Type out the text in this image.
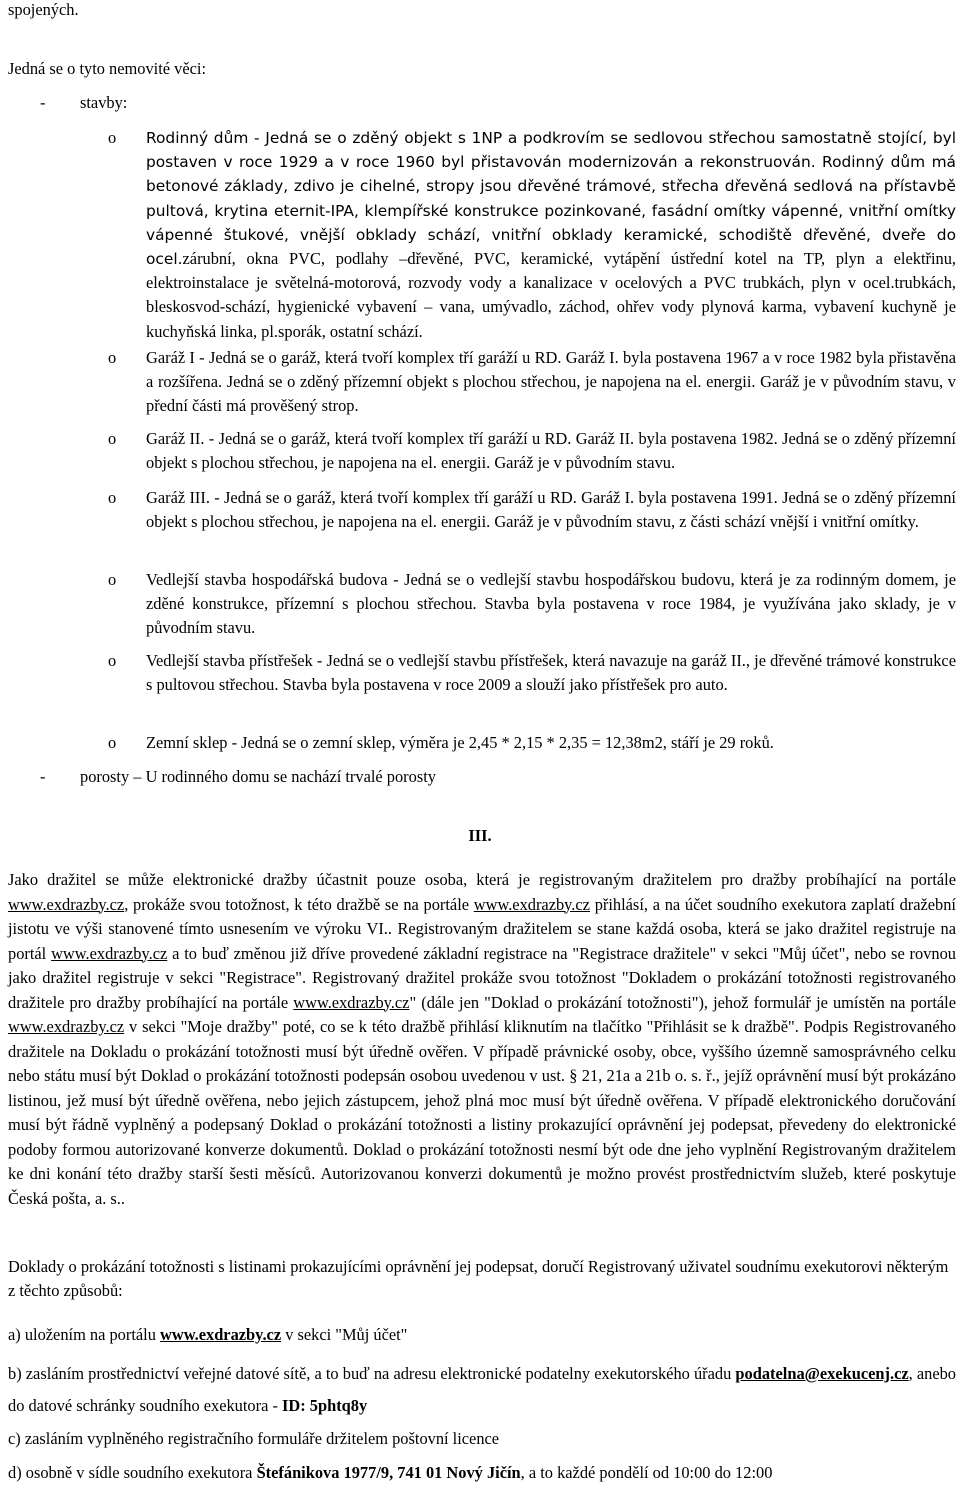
spojených.
Jedná se o tyto nemovité věci:
- stavby:
o Rodinný dům - Jedná se o zděný objekt s 1NP a podkrovím se sedlovou střechou samostatně stojící, byl postaven v roce 1929 a v roce 1960 byl přistavován modernizován a rekonstruován. Rodinný dům má betonové základy, zdivo je cihelné, stropy jsou dřevěné trámové, střecha dřevěná sedlová na přístavbě pultová, krytina eternit-IPA, klempířské konstrukce pozinkované, fasádní omítky vápenné, vnitřní omítky vápenné štukové, vnější obklady schází, vnitřní obklady keramické, schodiště dřevěné, dveře do ocel.zárubní, okna PVC, podlahy –dřevěné, PVC, keramické, vytápění ústřední kotel na TP, plyn a elektřinu, elektroinstalace je světelná-motorová, rozvody vody a kanalizace v ocelových a PVC trubkách, plyn v ocel.trubkách, bleskosvod-schází, hygienické vybavení – vana, umývadlo, záchod, ohřev vody plynová karma, vybavení kuchyně je kuchyňská linka, pl.sporák, ostatní schází.
o Garáž I - Jedná se o garáž, která tvoří komplex tří garáží u RD. Garáž I. byla postavena 1967 a v roce 1982 byla přistavěna a rozšířena. Jedná se o zděný přízemní objekt s plochou střechou, je napojena na el. energii. Garáž je v původním stavu, v přední části má prověšený strop.
o Garáž II. - Jedná se o garáž, která tvoří komplex tří garáží u RD. Garáž II. byla postavena 1982. Jedná se o zděný přízemní objekt s plochou střechou, je napojena na el. energii. Garáž je v původním stavu.
o Garáž III. - Jedná se o garáž, která tvoří komplex tří garáží u RD. Garáž I. byla postavena 1991. Jedná se o zděný přízemní objekt s plochou střechou, je napojena na el. energii. Garáž je v původním stavu, z části schází vnější i vnitřní omítky.
o Vedlejší stavba hospodářská budova - Jedná se o vedlejší stavbu hospodářskou budovu, která je za rodinným domem, je zděné konstrukce, přízemní s plochou střechou. Stavba byla postavena v roce 1984, je využívána jako sklady, je v původním stavu.
o Vedlejší stavba přístřešek - Jedná se o vedlejší stavbu přístřešek, která navazuje na garáž II., je dřevěné trámové konstrukce s pultovou střechou. Stavba byla postavena v roce 2009 a slouží jako přístřešek pro auto.
o Zemní sklep - Jedná se o zemní sklep, výměra je 2,45 * 2,15 * 2,35 = 12,38m2, stáří je 29 roků.
- porosty – U rodinného domu se nachází trvalé porosty
III.
Jako dražitel se může elektronické dražby účastnit pouze osoba, která je registrovaným dražitelem pro dražby probíhající na portále www.exdrazby.cz, prokáže svou totožnost, k této dražbě se na portále www.exdrazby.cz přihlásí, a na účet soudního exekutora zaplatí dražební jistotu ve výši stanovené tímto usnesením ve výroku VI.. Registrovaným dražitelem se stane každá osoba, která se jako dražitel registruje na portál www.exdrazby.cz a to buď změnou již dříve provedené základní registrace na "Registrace dražitele" v sekci "Můj účet", nebo se rovnou jako dražitel registruje v sekci "Registrace". Registrovaný dražitel prokáže svou totožnost "Dokladem o prokázání totožnosti registrovaného dražitele pro dražby probíhající na portále www.exdrazby.cz" (dále jen "Doklad o prokázání totožnosti"), jehož formulář je umístěn na portále www.exdrazby.cz v sekci "Moje dražby" poté, co se k této dražbě přihlásí kliknutím na tlačítko "Přihlásit se k dražbě". Podpis Registrovaného dražitele na Dokladu o prokázání totožnosti musí být úředně ověřen. V případě právnické osoby, obce, vyššího územně samosprávného celku nebo státu musí být Doklad o prokázání totožnosti podepsán osobou uvedenou v ust. § 21, 21a a 21b o. s. ř., jejíž oprávnění musí být prokázáno listinou, jež musí být úředně ověřena, nebo jejich zástupcem, jehož plná moc musí být úředně ověřena. V případě elektronického doručování musí být řádně vyplněný a podepsaný Doklad o prokázání totožnosti a listiny prokazující oprávnění jej podepsat, převedeny do elektronické podoby formou autorizované konverze dokumentů. Doklad o prokázání totožnosti nesmí být ode dne jeho vyplnění Registrovaným dražitelem ke dni konání této dražby starší šesti měsíců. Autorizovanou konverzi dokumentů je možno provést prostřednictvím služeb, které poskytuje Česká pošta, a. s..
Doklady o prokázání totožnosti s listinami prokazujícími oprávnění jej podepsat, doručí Registrovaný uživatel soudnímu exekutorovi některým z těchto způsobů:
a) uložením na portálu www.exdrazby.cz v sekci "Můj účet"
b) zasláním prostřednictví veřejné datové sítě, a to buď na adresu elektronické podatelny exekutorského úřadu podatelna@exekucenj.cz, anebo do datové schránky soudního exekutora - ID: 5phtq8y
c) zasláním vyplněného registračního formuláře držitelem poštovní licence
d) osobně v sídle soudního exekutora Štefánikova 1977/9, 741 01 Nový Jičín, a to každé pondělí od 10:00 do 12:00
